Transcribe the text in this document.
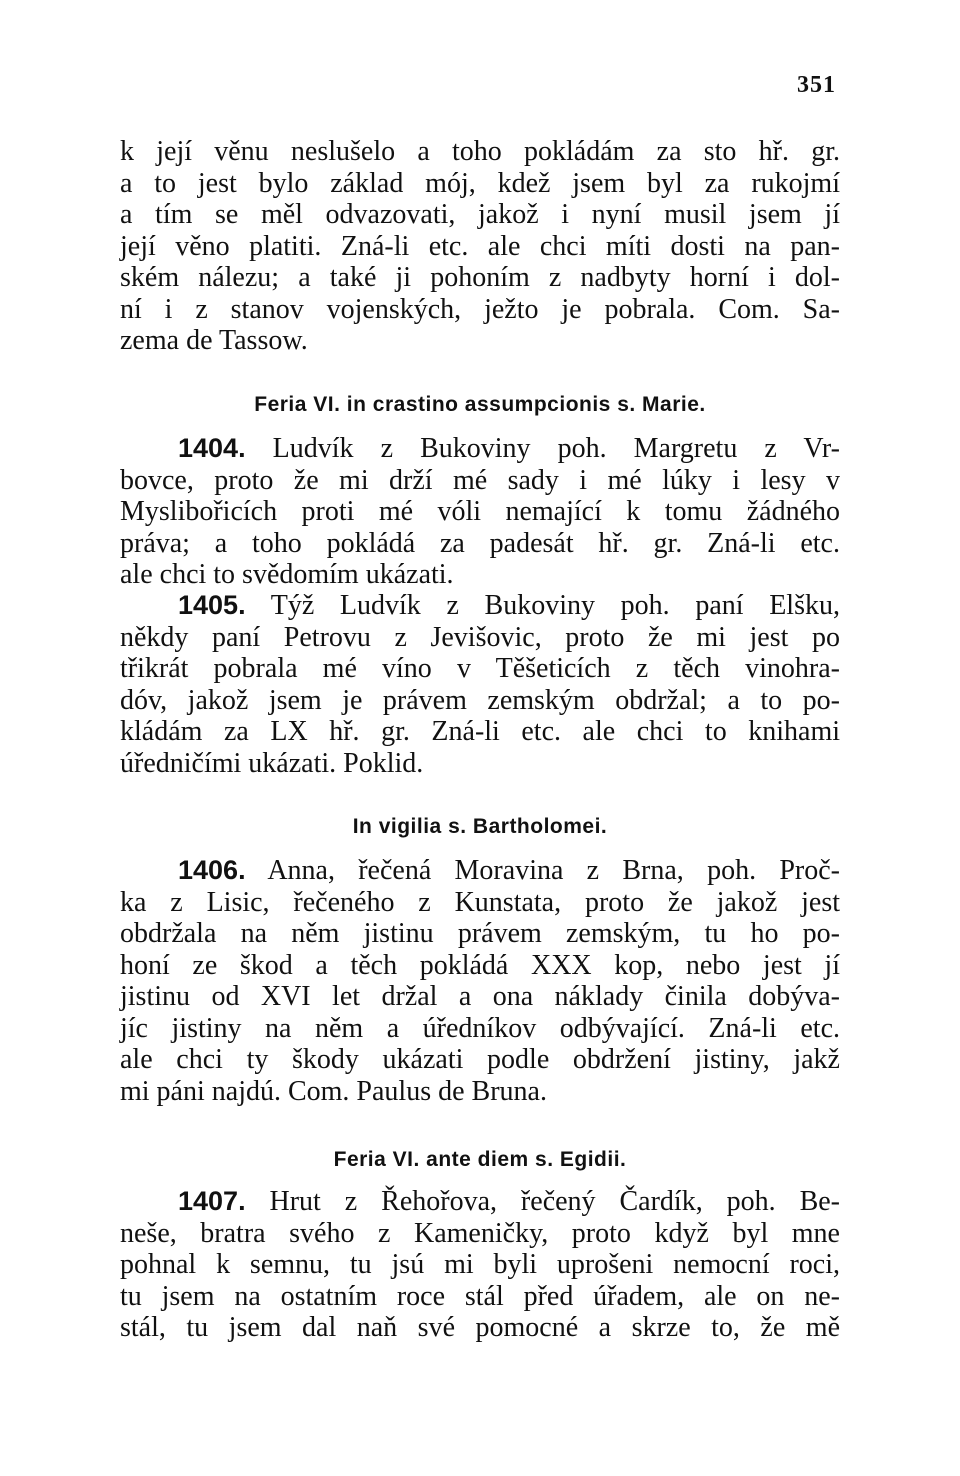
351
k její věnu neslušelo a toho pokládám za sto hř. gr.
a to jest bylo základ mój, kdež jsem byl za rukojmí
a tím se měl odvazovati, jakož i nyní musil jsem jí
její věno platiti. Zná-li etc. ale chci míti dosti na pan-
ském nálezu; a také ji pohoním z nadbyty horní i dol-
ní i z stanov vojenských, ježto je pobrala. Com. Sa-
zema de Tassow.
Feria VI. in crastino assumpcionis s. Marie.
1404. Ludvík z Bukoviny poh. Margretu z Vr-
bovce, proto že mi drží mé sady i mé lúky i lesy v
Myslibořicích proti mé vóli nemající k tomu žádného
práva; a toho pokládá za padesát hř. gr. Zná-li etc.
ale chci to svědomím ukázati.
1405. Týž Ludvík z Bukoviny poh. paní Elšku,
někdy paní Petrovu z Jevišovic, proto že mi jest po
třikrát pobrala mé víno v Těšeticích z těch vinohra-
dóv, jakož jsem je právem zemským obdržal; a to po-
kládám za LX hř. gr. Zná-li etc. ale chci to knihami
úředničími ukázati. Poklid.
In vigilia s. Bartholomei.
1406. Anna, řečená Moravina z Brna, poh. Proč-
ka z Lisic, řečeného z Kunstata, proto že jakož jest
obdržala na něm jistinu právem zemským, tu ho po-
honí ze škod a těch pokládá XXX kop, nebo jest jí
jistinu od XVI let držal a ona náklady činila dobýva-
jíc jistiny na něm a úředníkov odbývající. Zná-li etc.
ale chci ty škody ukázati podle obdržení jistiny, jakž
mi páni najdú. Com. Paulus de Bruna.
Feria VI. ante diem s. Egidii.
1407. Hrut z Řehořova, řečený Čardík, poh. Be-
neše, bratra svého z Kameničky, proto když byl mne
pohnal k semnu, tu jsú mi byli uprošeni nemocní roci,
tu jsem na ostatním roce stál před úřadem, ale on ne-
stál, tu jsem dal naň své pomocné a skrze to, že mě
